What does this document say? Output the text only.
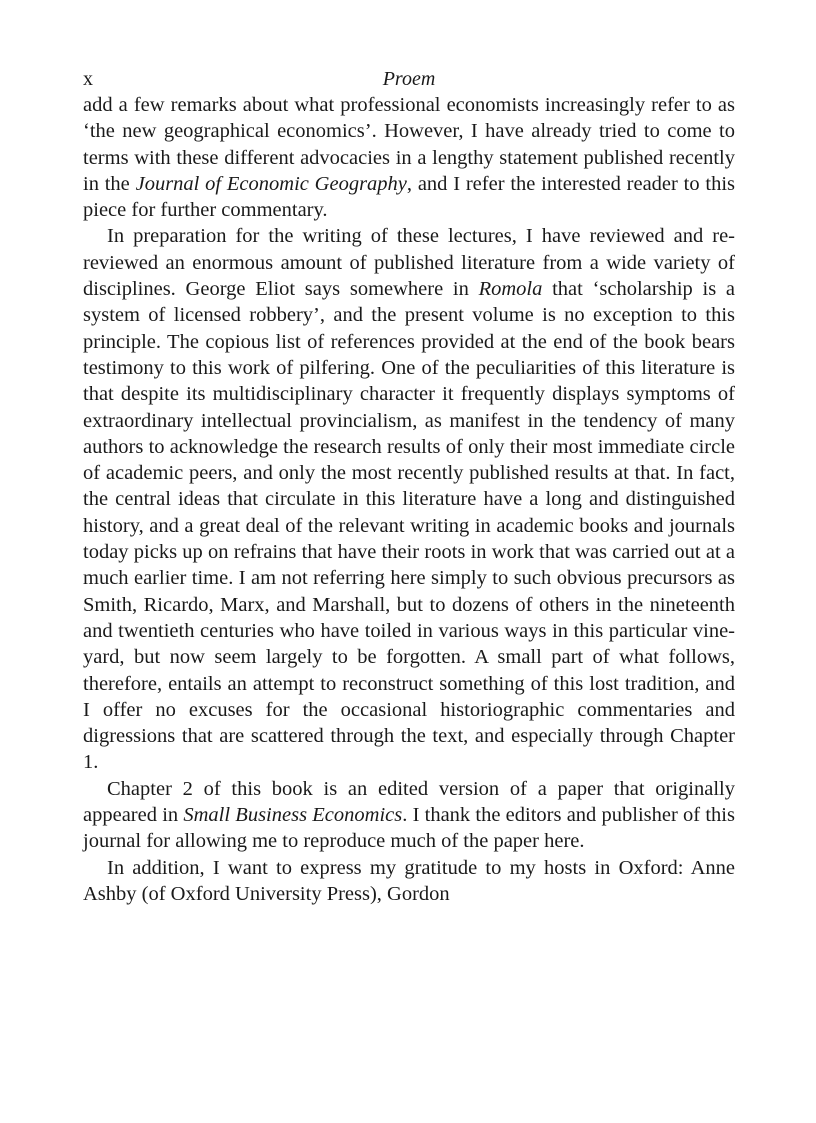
x	Proem

add a few remarks about what professional economists increasingly refer to as ‘the new geographical economics’. However, I have already tried to come to terms with these different advocacies in a lengthy statement published recently in the Journal of Economic Geography, and I refer the interested reader to this piece for further commentary.

In preparation for the writing of these lectures, I have reviewed and re-reviewed an enormous amount of published literature from a wide variety of disciplines. George Eliot says somewhere in Romola that ‘scholarship is a system of licensed robbery’, and the present volume is no exception to this principle. The copious list of references provided at the end of the book bears testimony to this work of pilfering. One of the peculiarities of this literature is that despite its multidisciplinary character it frequently displays symptoms of extraordinary intellectual provincialism, as manifest in the tendency of many authors to acknowledge the research results of only their most immediate circle of academic peers, and only the most recently published results at that. In fact, the central ideas that circulate in this literature have a long and distinguished history, and a great deal of the relevant writing in academic books and journals today picks up on refrains that have their roots in work that was carried out at a much earlier time. I am not referring here simply to such obvious precursors as Smith, Ricardo, Marx, and Marshall, but to dozens of others in the nineteenth and twentieth centuries who have toiled in various ways in this particular vineyard, but now seem largely to be forgotten. A small part of what follows, therefore, entails an attempt to reconstruct something of this lost tradition, and I offer no excuses for the occasional historiographic commentaries and digressions that are scattered through the text, and especially through Chapter 1.

Chapter 2 of this book is an edited version of a paper that originally appeared in Small Business Economics. I thank the editors and publisher of this journal for allowing me to reproduce much of the paper here.

In addition, I want to express my gratitude to my hosts in Oxford: Anne Ashby (of Oxford University Press), Gordon
